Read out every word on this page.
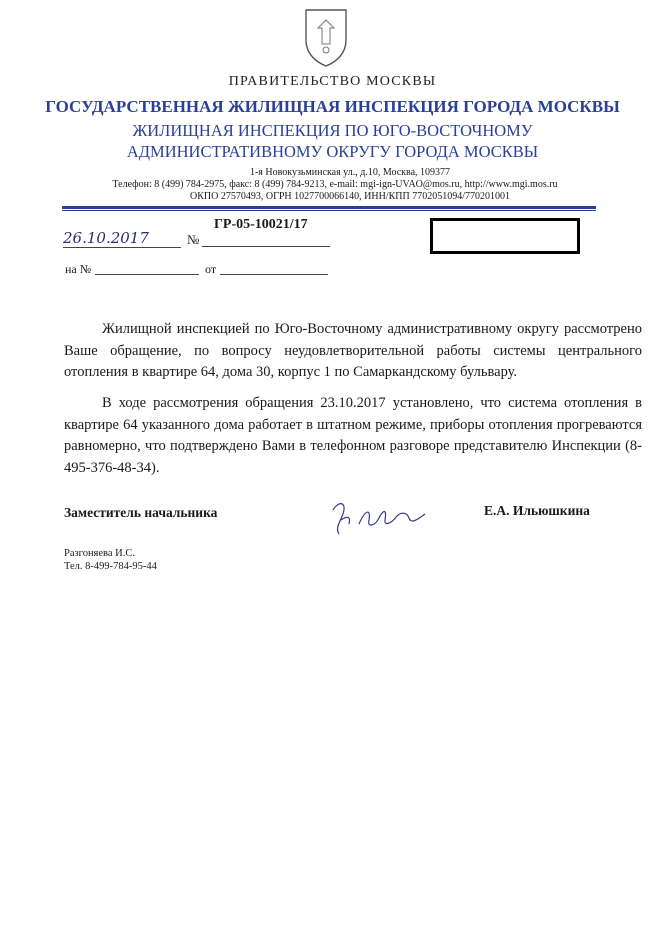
ПРАВИТЕЛЬСТВО МОСКВЫ
ГОСУДАРСТВЕННАЯ ЖИЛИЩНАЯ ИНСПЕКЦИЯ ГОРОДА МОСКВЫ
ЖИЛИЩНАЯ ИНСПЕКЦИЯ ПО ЮГО-ВОСТОЧНОМУ
АДМИНИСТРАТИВНОМУ ОКРУГУ ГОРОДА МОСКВЫ
1-я Новокузьминская ул., д.10, Москва, 109377
Телефон: 8 (499) 784-2975, факс: 8 (499) 784-9213, e-mail: mgi-ign-UVAO@mos.ru, http://www.mgi.mos.ru
ОКПО 27570493, ОГРН 1027700066140, ИНН/КПП 7702051094/770201001
26.10.2017	№
ГР-05-10021/17
на №	от

Жилищной инспекцией по Юго-Восточному административному округу рассмотрено Ваше обращение, по вопросу неудовлетворительной работы системы центрального отопления в квартире 64, дома 30, корпус 1 по Самаркандскому бульвару.

В ходе рассмотрения обращения 23.10.2017 установлено, что система отопления в квартире 64 указанного дома работает в штатном режиме, приборы отопления прогреваются равномерно, что подтверждено Вами в телефонном разговоре представителю Инспекции (8-495-376-48-34).

Заместитель начальника	Е.А. Ильюшкина
Разгоняева И.С.
Тел. 8-499-784-95-44
